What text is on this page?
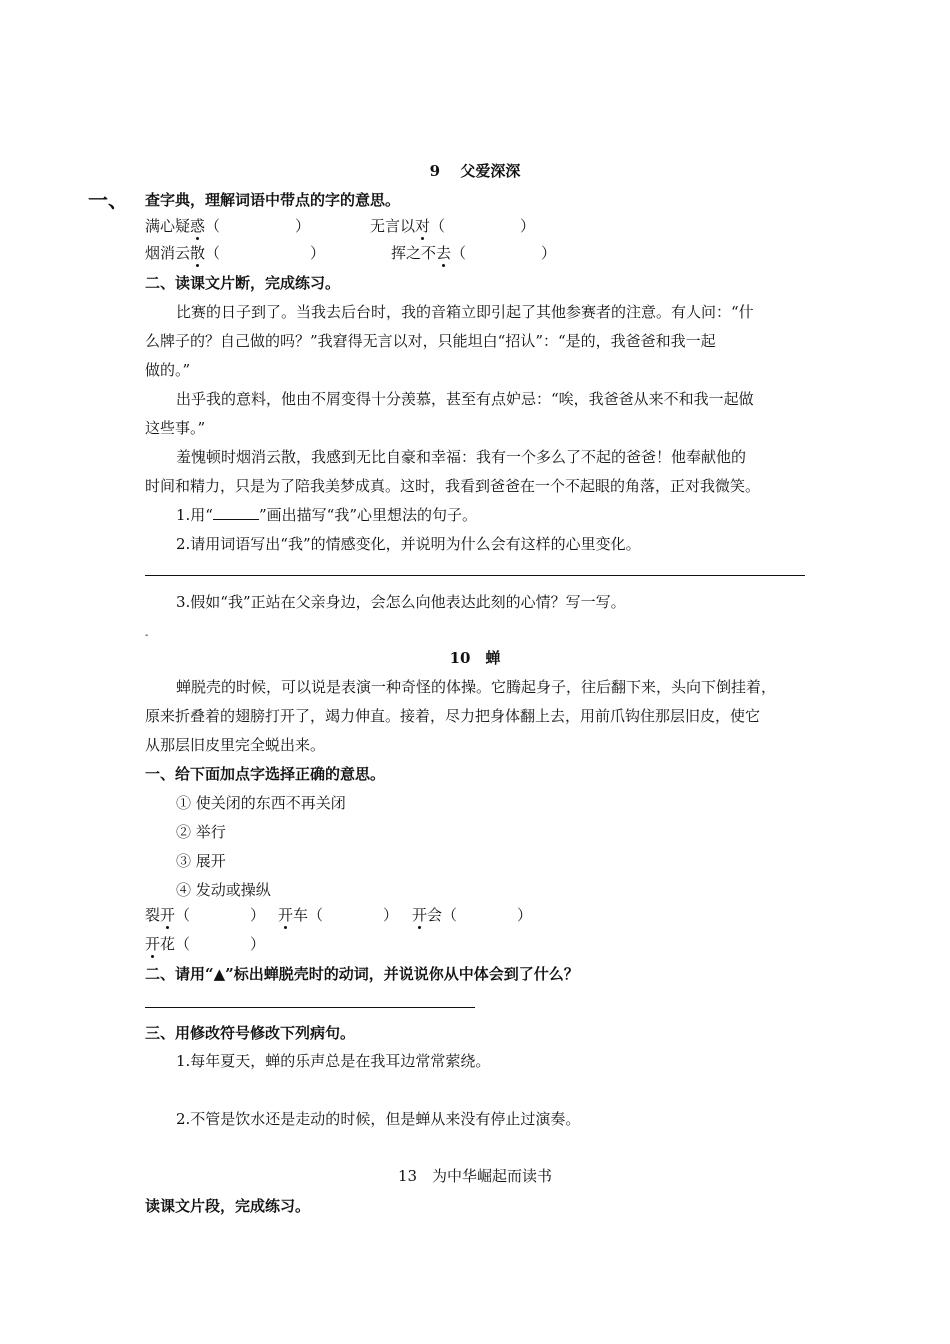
9　 父爱深深
一、 查字典，理解词语中带点的字的意思。
满心疑惑（　　　　　）	无言以对（　　　　　）
烟消云散（　　　　　　）	挥之不去（　　　　　）
二、读课文片断，完成练习。
比赛的日子到了。当我去后台时，我的音箱立即引起了其他参赛者的注意。有人问：“什
么牌子的？自己做的吗？”我窘得无言以对，只能坦白“招认”：“是的，我爸爸和我一起
做的。”
出乎我的意料，他由不屑变得十分羡慕，甚至有点妒忌：“唉，我爸爸从来不和我一起做
这些事。”
羞愧顿时烟消云散，我感到无比自豪和幸福：我有一个多么了不起的爸爸！他奉献他的
时间和精力，只是为了陪我美梦成真。这时，我看到爸爸在一个不起眼的角落，正对我微笑。
1.用“	”画出描写“我”心里想法的句子。
2.请用词语写出“我”的情感变化，并说明为什么会有这样的心里变化。
3.假如“我”正站在父亲身边，会怎么向他表达此刻的心情？写一写。
-
10　蝉
蝉脱壳的时候，可以说是表演一种奇怪的体操。它腾起身子，往后翻下来，头向下倒挂着，
原来折叠着的翅膀打开了，竭力伸直。接着，尽力把身体翻上去，用前爪钩住那层旧皮，使它
从那层旧皮里完全蜕出来。
一、给下面加点字选择正确的意思。
① 使关闭的东西不再关闭
② 举行
③ 展开
④ 发动或操纵
裂开（　　　　） 开车（　　　　） 开会（　　　　）
开花（　　　　）
二、请用“▲”标出蝉脱壳时的动词，并说说你从中体会到了什么？
三、用修改符号修改下列病句。
1.每年夏天，蝉的乐声总是在我耳边常常萦绕。
2.不管是饮水还是走动的时候，但是蝉从来没有停止过演奏。
13　为中华崛起而读书
读课文片段，完成练习。
